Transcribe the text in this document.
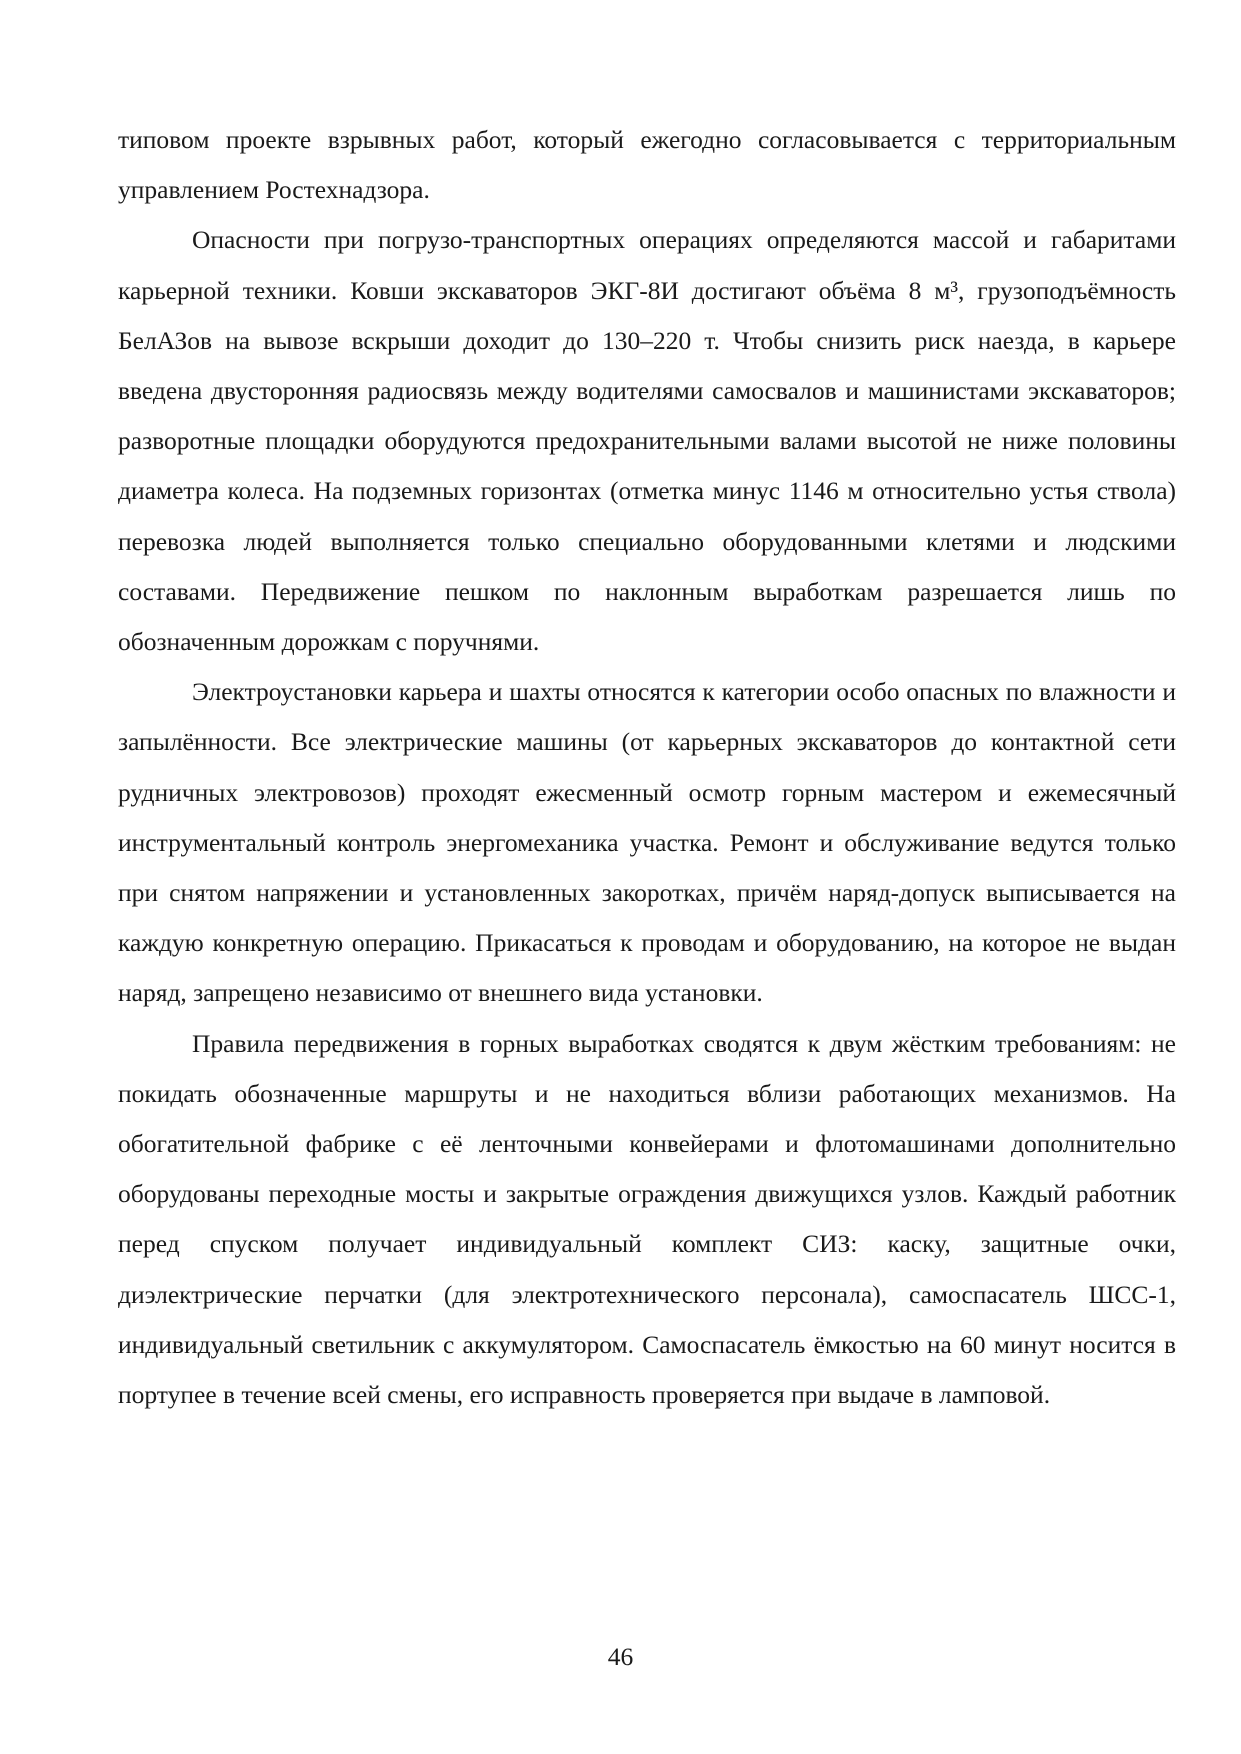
типовом проекте взрывных работ, который ежегодно согласовывается с территориальным управлением Ростехнадзора.

Опасности при погрузо-транспортных операциях определяются массой и габаритами карьерной техники. Ковши экскаваторов ЭКГ-8И достигают объёма 8 м³, грузоподъёмность БелАЗов на вывозе вскрыши доходит до 130–220 т. Чтобы снизить риск наезда, в карьере введена двусторонняя радиосвязь между водителями самосвалов и машинистами экскаваторов; разворотные площадки оборудуются предохранительными валами высотой не ниже половины диаметра колеса. На подземных горизонтах (отметка минус 1146 м относительно устья ствола) перевозка людей выполняется только специально оборудованными клетями и людскими составами. Передвижение пешком по наклонным выработкам разрешается лишь по обозначенным дорожкам с поручнями.

Электроустановки карьера и шахты относятся к категории особо опасных по влажности и запылённости. Все электрические машины (от карьерных экскаваторов до контактной сети рудничных электровозов) проходят ежесменный осмотр горным мастером и ежемесячный инструментальный контроль энергомеханика участка. Ремонт и обслуживание ведутся только при снятом напряжении и установленных закоротках, причём наряд-допуск выписывается на каждую конкретную операцию. Прикасаться к проводам и оборудованию, на которое не выдан наряд, запрещено независимо от внешнего вида установки.

Правила передвижения в горных выработках сводятся к двум жёстким требованиям: не покидать обозначенные маршруты и не находиться вблизи работающих механизмов. На обогатительной фабрике с её ленточными конвейерами и флотомашинами дополнительно оборудованы переходные мосты и закрытые ограждения движущихся узлов. Каждый работник перед спуском получает индивидуальный комплект СИЗ: каску, защитные очки, диэлектрические перчатки (для электротехнического персонала), самоспасатель ШСС-1, индивидуальный светильник с аккумулятором. Самоспасатель ёмкостью на 60 минут носится в портупее в течение всей смены, его исправность проверяется при выдаче в ламповой.

46
